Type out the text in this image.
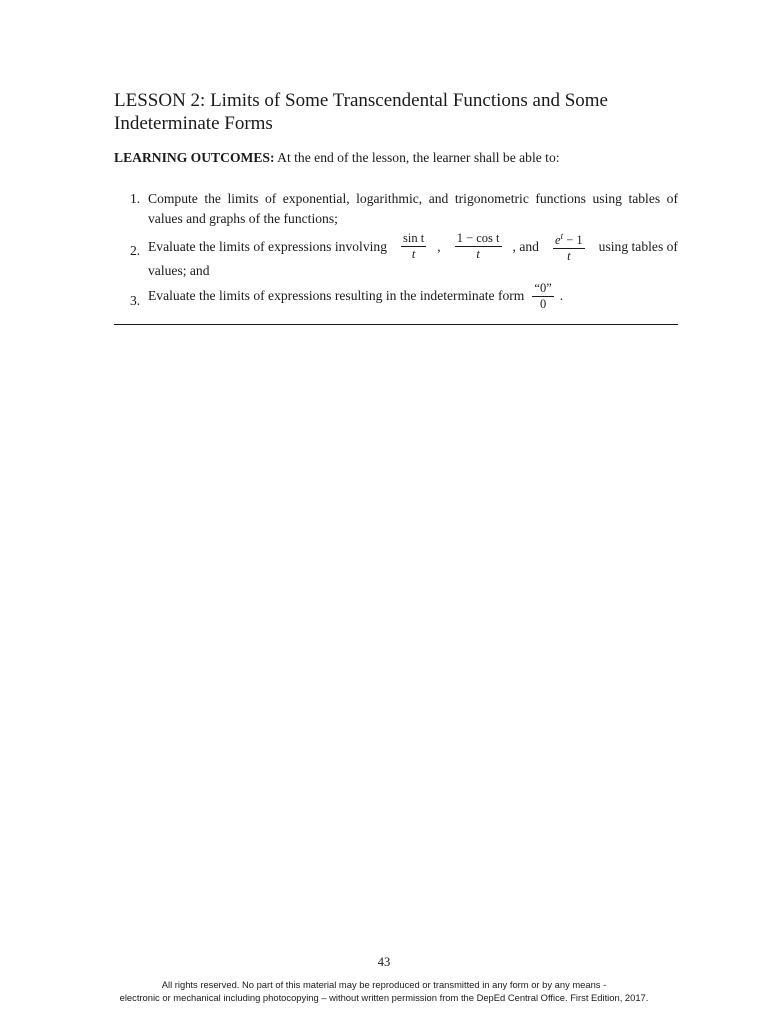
LESSON 2: Limits of Some Transcendental Functions and Some Indeterminate Forms
LEARNING OUTCOMES: At the end of the lesson, the learner shall be able to:
1. Compute the limits of exponential, logarithmic, and trigonometric functions using tables of values and graphs of the functions;
2. Evaluate the limits of expressions involving $\frac{\text{sin t}}{t}$ , $\frac{\text{1 − cos t}}{t}$ , and $\frac{e^t - 1}{t}$ using tables of
values; and
3. Evaluate the limits of expressions resulting in the indeterminate form $\frac{“0”}{0}$ .
43
All rights reserved. No part of this material may be reproduced or transmitted in any form or by any means -
electronic or mechanical including photocopying – without written permission from the DepEd Central Office. First Edition, 2017.
